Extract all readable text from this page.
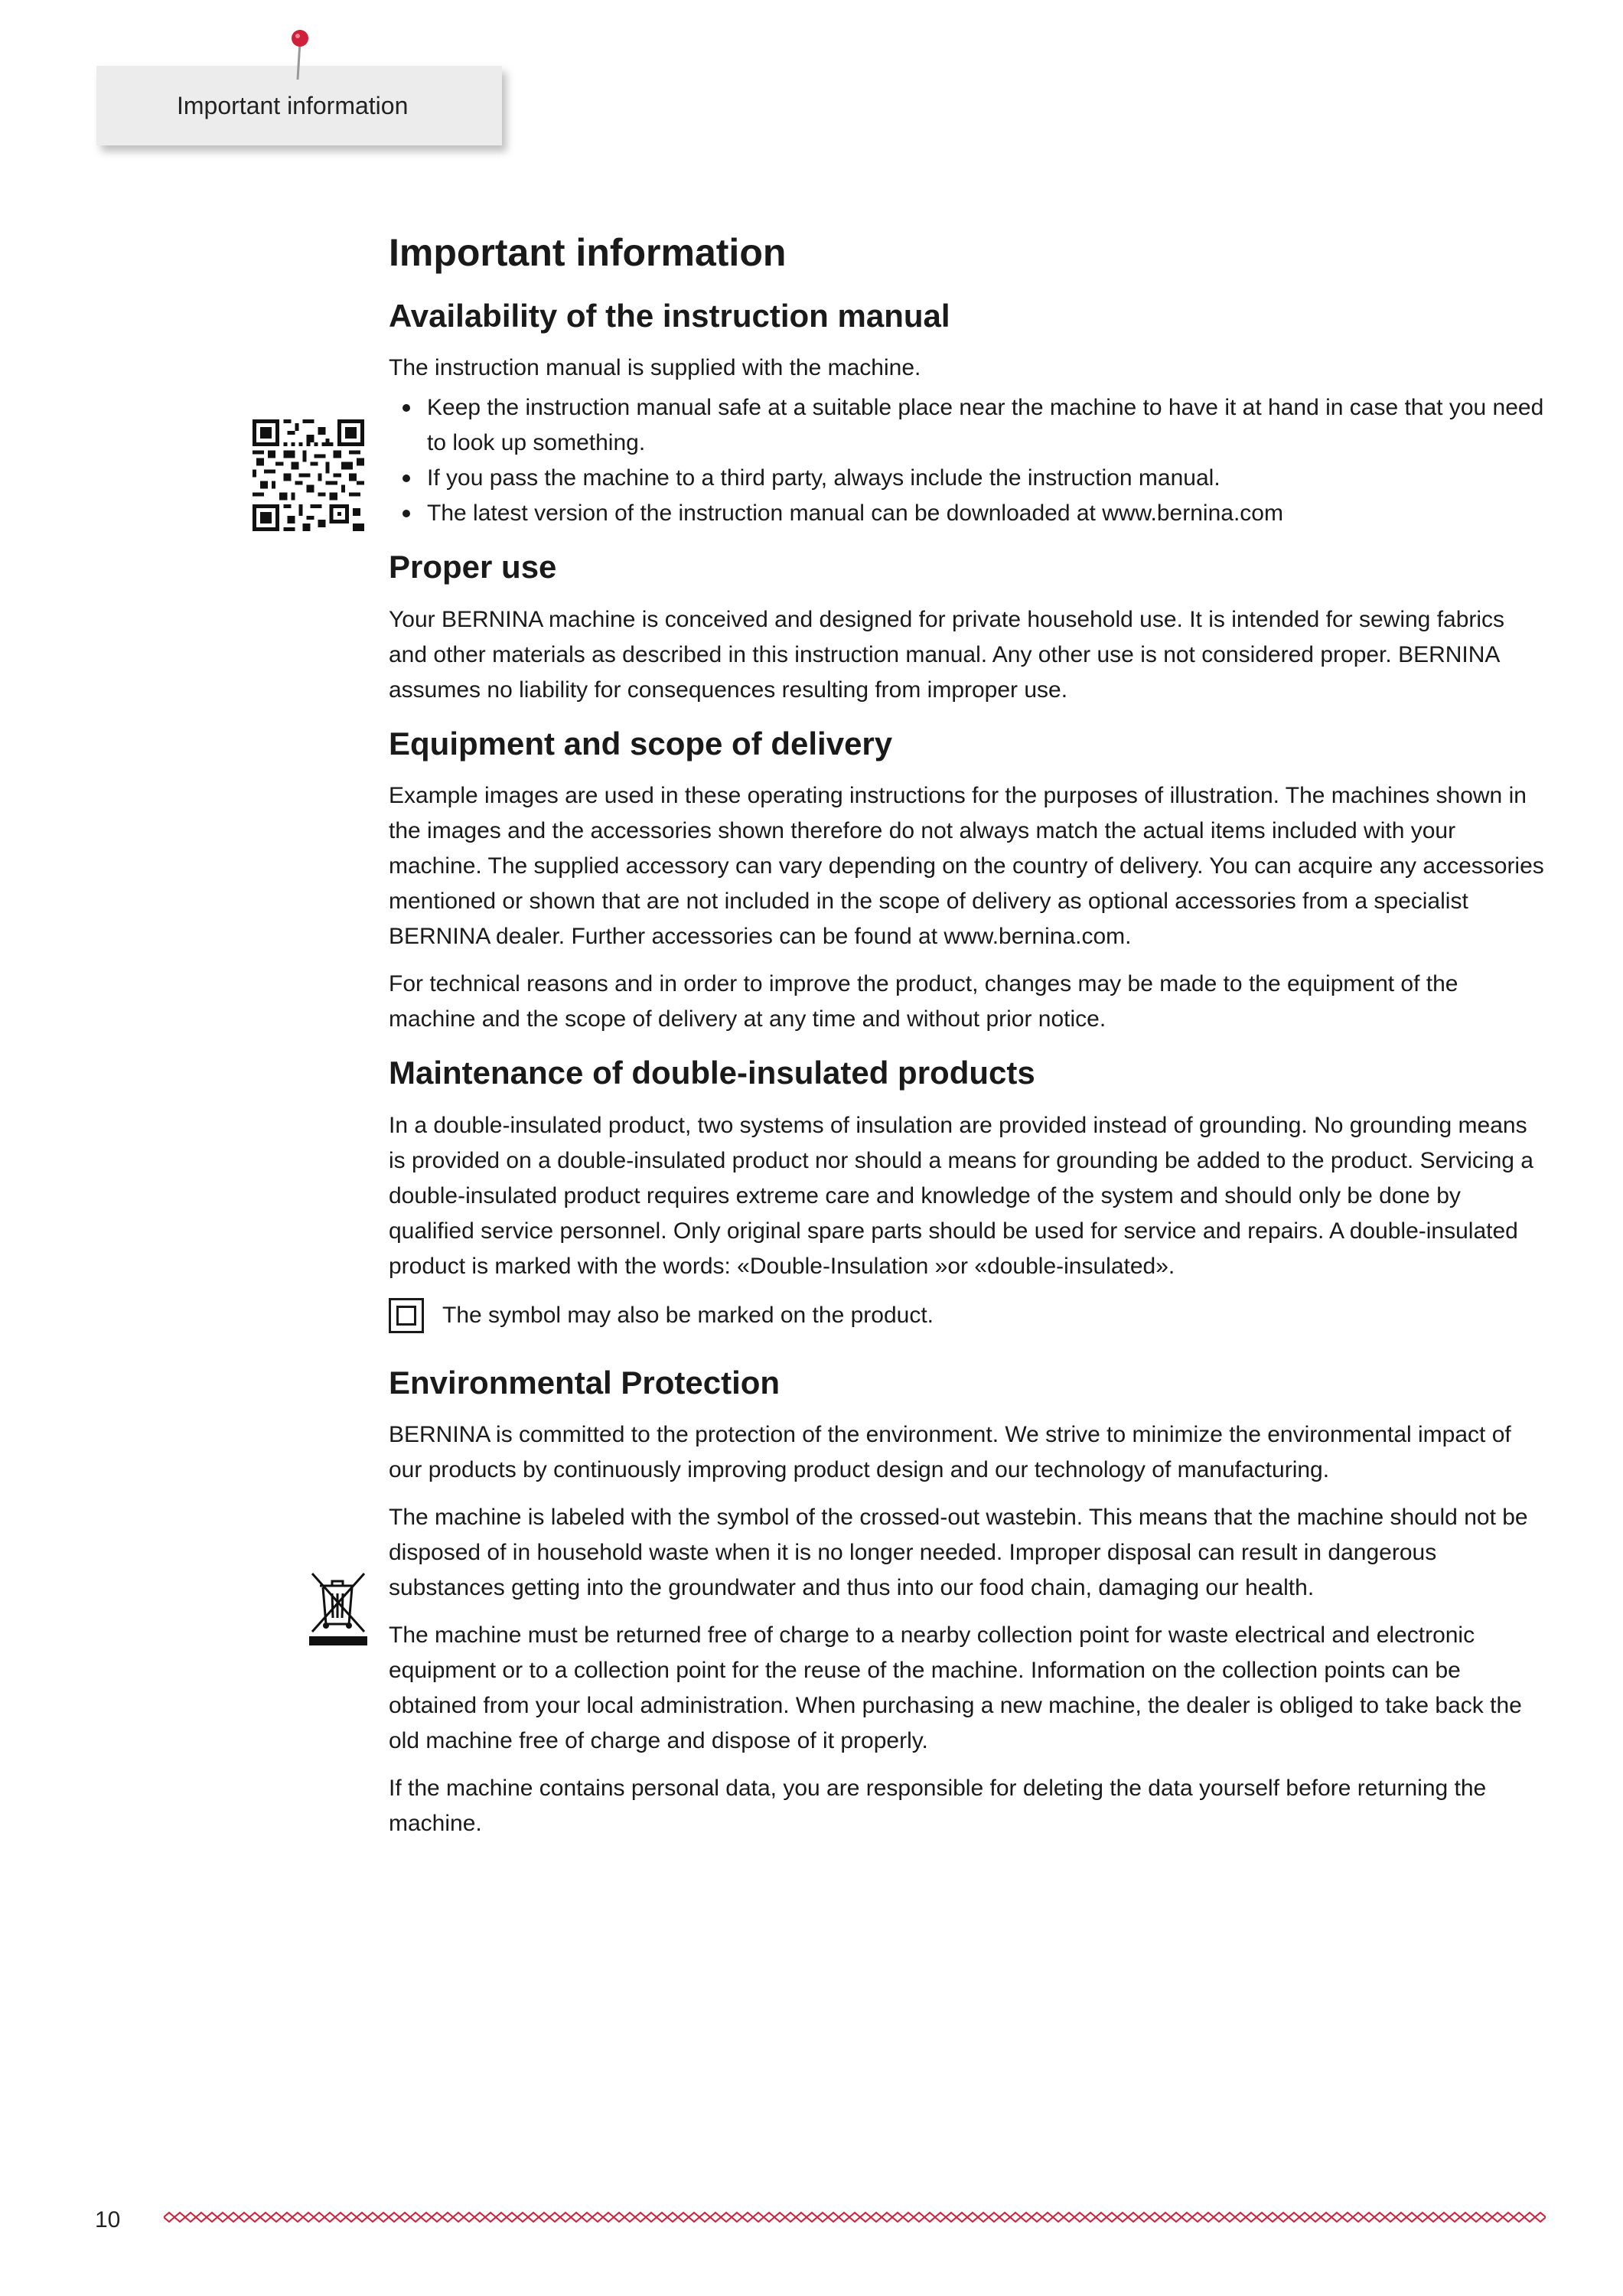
Important information
Important information
Availability of the instruction manual

The instruction manual is supplied with the machine.

Keep the instruction manual safe at a suitable place near the machine to have it at hand in case that you need to look up something.
If you pass the machine to a third party, always include the instruction manual.
The latest version of the instruction manual can be downloaded at www.bernina.com
Proper use

Your BERNINA machine is conceived and designed for private household use. It is intended for sewing fabrics and other materials as described in this instruction manual. Any other use is not considered proper. BERNINA assumes no liability for consequences resulting from improper use.

Equipment and scope of delivery

Example images are used in these operating instructions for the purposes of illustration. The machines shown in the images and the accessories shown therefore do not always match the actual items included with your machine. The supplied accessory can vary depending on the country of delivery. You can acquire any accessories mentioned or shown that are not included in the scope of delivery as optional accessories from a specialist BERNINA dealer. Further accessories can be found at www.bernina.com.

For technical reasons and in order to improve the product, changes may be made to the equipment of the machine and the scope of delivery at any time and without prior notice.

Maintenance of double-insulated products

In a double-insulated product, two systems of insulation are provided instead of grounding. No grounding means is provided on a double-insulated product nor should a means for grounding be added to the product. Servicing a double-insulated product requires extreme care and knowledge of the system and should only be done by qualified service personnel. Only original spare parts should be used for service and repairs. A double-insulated product is marked with the words: «Double-Insulation »or «double-insulated».

The symbol may also be marked on the product.

Environmental Protection

BERNINA is committed to the protection of the environment. We strive to minimize the environmental impact of our products by continuously improving product design and our technology of manufacturing.

The machine is labeled with the symbol of the crossed-out wastebin. This means that the machine should not be disposed of in household waste when it is no longer needed. Improper disposal can result in dangerous substances getting into the groundwater and thus into our food chain, damaging our health.

The machine must be returned free of charge to a nearby collection point for waste electrical and electronic equipment or to a collection point for the reuse of the machine. Information on the collection points can be obtained from your local administration. When purchasing a new machine, the dealer is obliged to take back the old machine free of charge and dispose of it properly.

If the machine contains personal data, you are responsible for deleting the data yourself before returning the machine.

10
